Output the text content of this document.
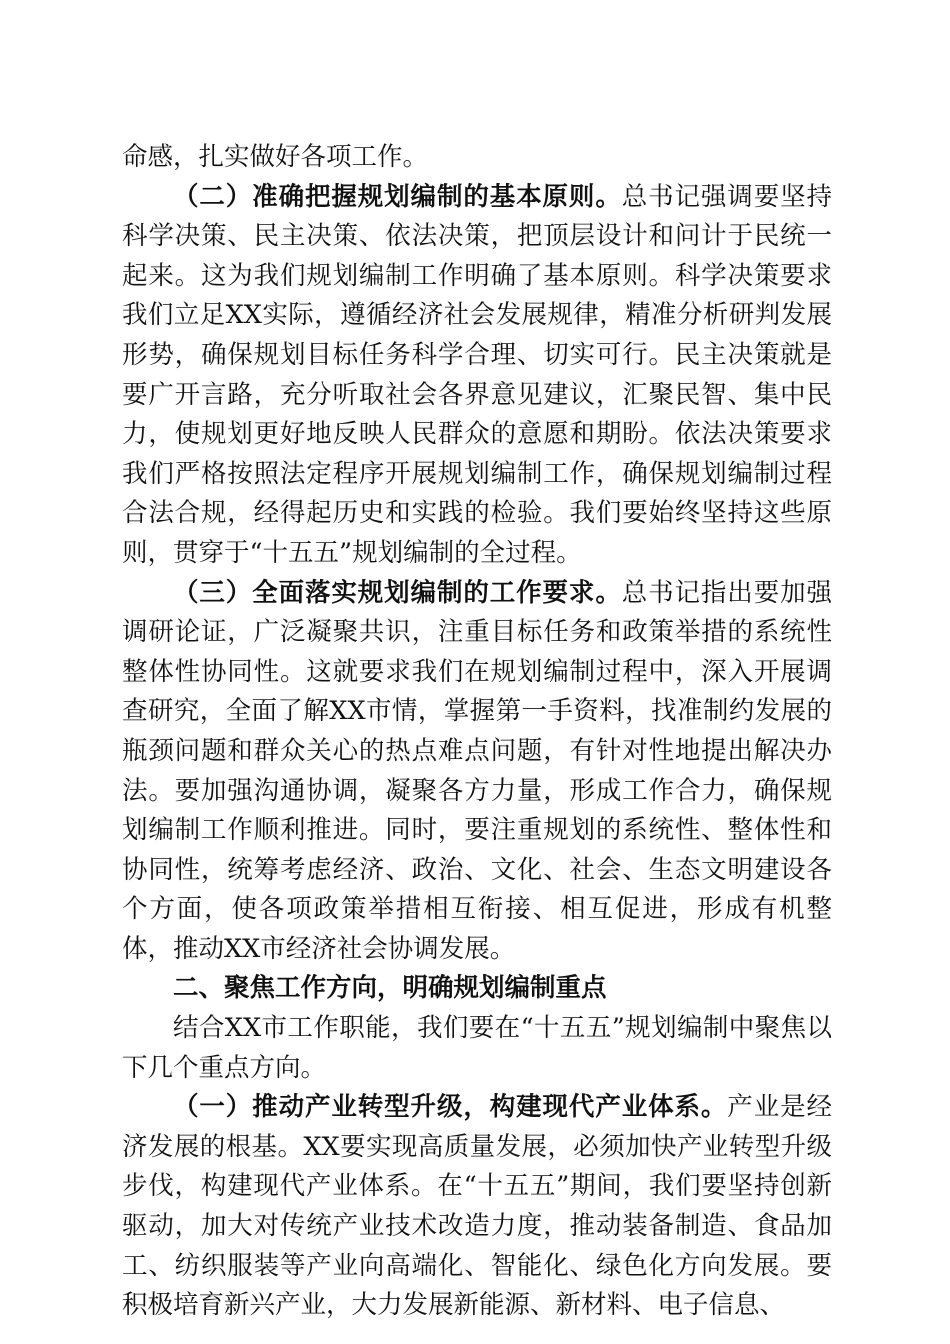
命感，扎实做好各项工作。

（二）准确把握规划编制的基本原则。总书记强调要坚持科学决策、民主决策、依法决策，把顶层设计和问计于民统一起来。这为我们规划编制工作明确了基本原则。科学决策要求我们立足XX实际，遵循经济社会发展规律，精准分析研判发展形势，确保规划目标任务科学合理、切实可行。民主决策就是要广开言路，充分听取社会各界意见建议，汇聚民智、集中民力，使规划更好地反映人民群众的意愿和期盼。依法决策要求我们严格按照法定程序开展规划编制工作，确保规划编制过程合法合规，经得起历史和实践的检验。我们要始终坚持这些原则，贯穿于“十五五”规划编制的全过程。

（三）全面落实规划编制的工作要求。总书记指出要加强调研论证，广泛凝聚共识，注重目标任务和政策举措的系统性整体性协同性。这就要求我们在规划编制过程中，深入开展调查研究，全面了解XX市情，掌握第一手资料，找准制约发展的瓶颈问题和群众关心的热点难点问题，有针对性地提出解决办法。要加强沟通协调，凝聚各方力量，形成工作合力，确保规划编制工作顺利推进。同时，要注重规划的系统性、整体性和协同性，统筹考虑经济、政治、文化、社会、生态文明建设各个方面，使各项政策举措相互衔接、相互促进，形成有机整体，推动XX市经济社会协调发展。

二、聚焦工作方向，明确规划编制重点

结合XX市工作职能，我们要在“十五五”规划编制中聚焦以下几个重点方向。

（一）推动产业转型升级，构建现代产业体系。产业是经济发展的根基。XX要实现高质量发展，必须加快产业转型升级步伐，构建现代产业体系。在“十五五”期间，我们要坚持创新驱动，加大对传统产业技术改造力度，推动装备制造、食品加工、纺织服装等产业向高端化、智能化、绿色化方向发展。要积极培育新兴产业，大力发展新能源、新材料、电子信息、
